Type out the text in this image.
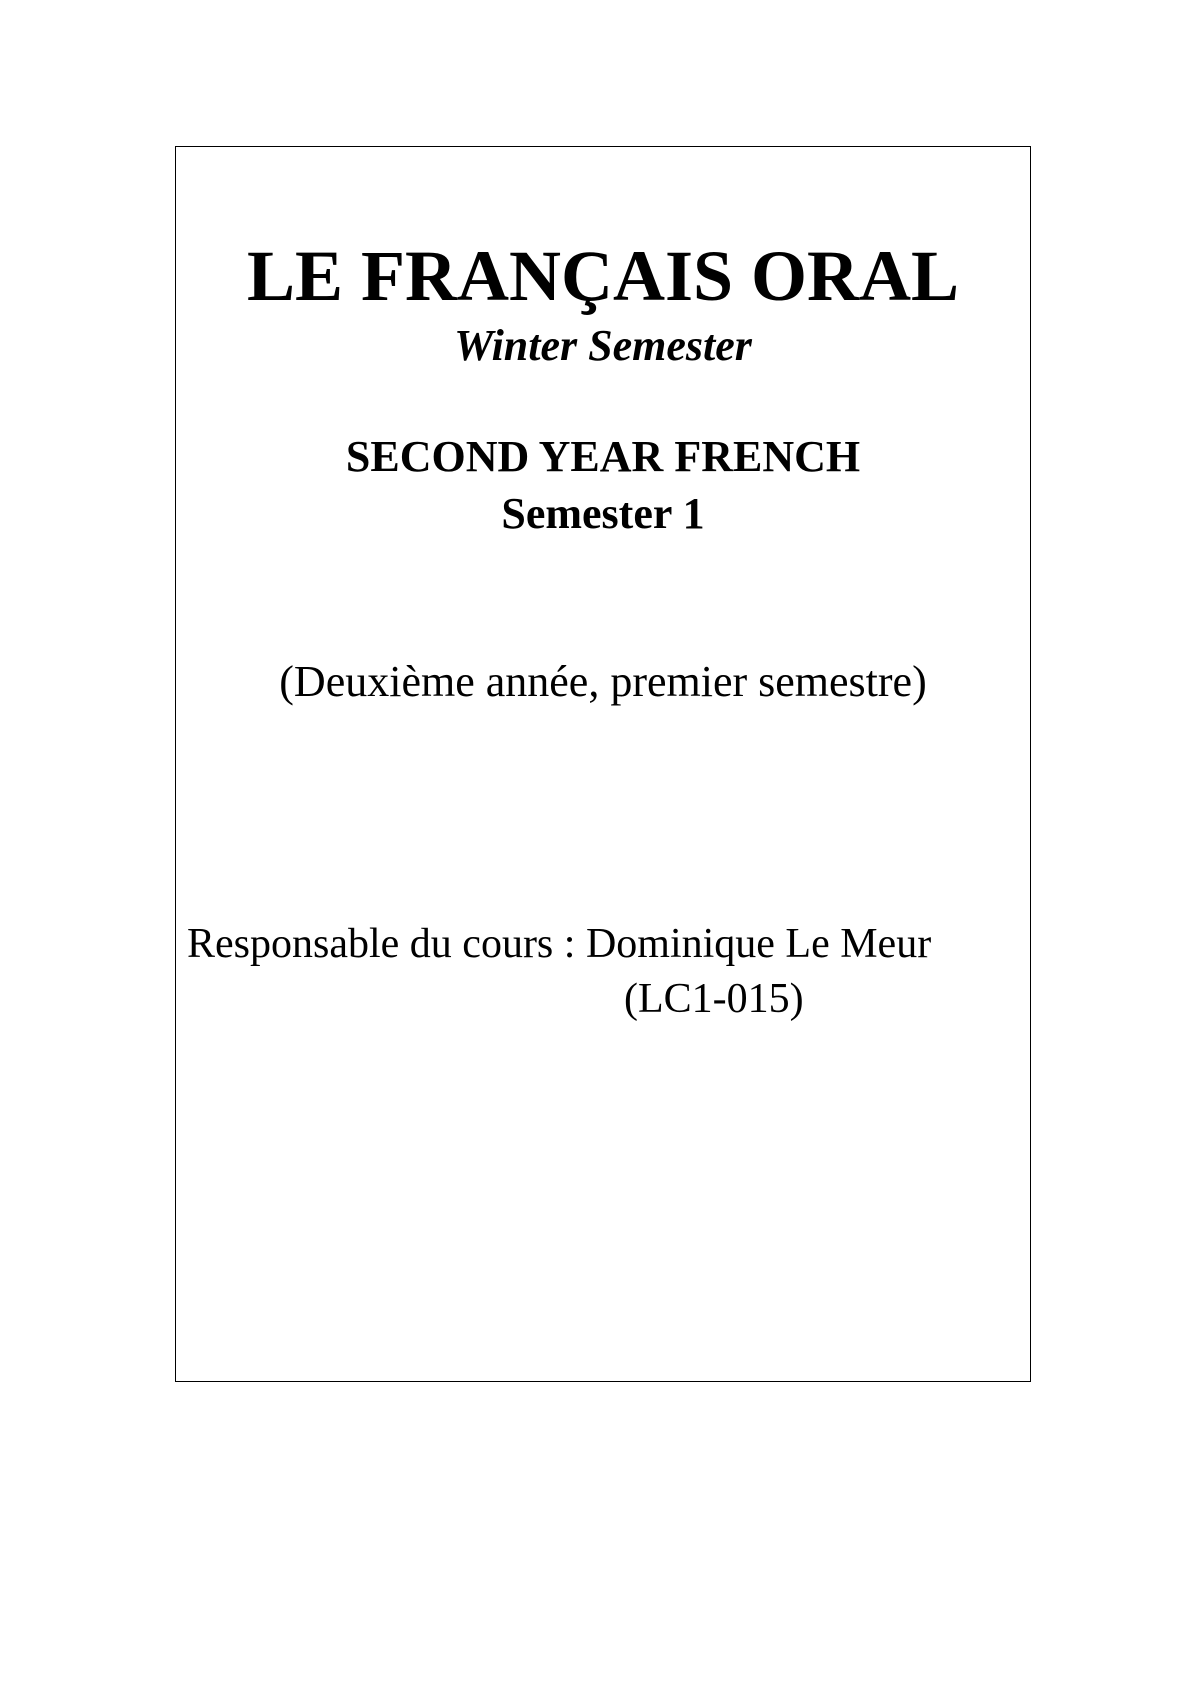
LE FRANÇAIS ORAL
Winter Semester
SECOND YEAR FRENCH
Semester 1
(Deuxième année, premier semestre)
Responsable du cours : Dominique Le Meur
(LC1-015)
